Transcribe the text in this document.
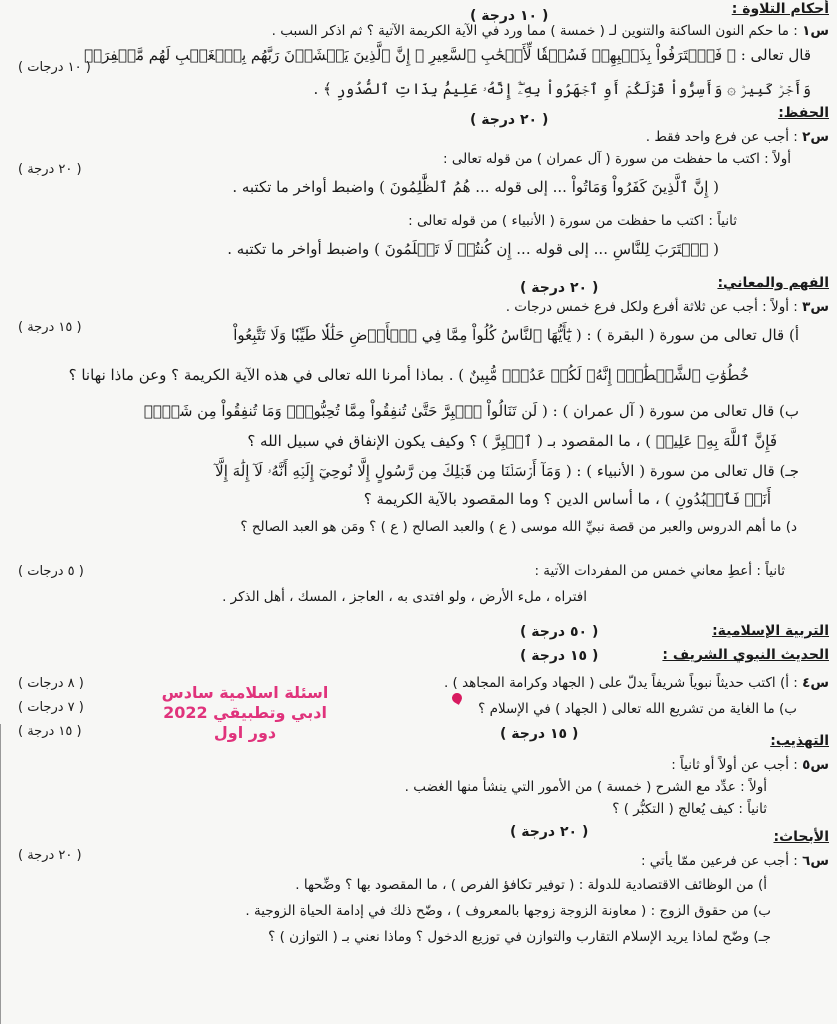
أحكام التلاوة :
( ١٠ درجة )
س١ : ما حكم النون الساكنة والتنوين لـ ( خمسة ) مما ورد في الآية الكريمة الآتية ؟ ثم اذكر السبب .
قال تعالى : ﴿ فَٱعۡتَرَفُواْ بِذَنۢبِهِمۡ فَسُحۡقٗا لِّأَصۡحَٰبِ ٱلسَّعِيرِ ۞ إِنَّ ٱلَّذِينَ يَخۡشَوۡنَ رَبَّهُم بِٱلۡغَيۡبِ لَهُم مَّغۡفِرَةٞ
( ١٠ درجات )
وَأَجۡرٞ كَبِيرٞ ۞ وَأَسِرُّواْ قَوۡلَكُمۡ أَوِ ٱجۡهَرُواْ بِهِۦٓۖ إِنَّهُۥ عَلِيمُۢ بِذَاتِ ٱلصُّدُورِ ﴾ .
الحفظ:
( ٢٠ درجة )
س٢ : أجب عن فرع واحد فقط .
أولاً : اكتب ما حفظت من سورة ( آل عمران ) من قوله تعالى :
( ٢٠ درجة )
( إِنَّ ٱلَّذِينَ كَفَرُواْ وَمَاتُواْ ... إلى قوله ... هُمُ ٱلظَّٰلِمُونَ ) واضبط أواخر ما تكتبه .
ثانياً : اكتب ما حفظت من سورة ( الأنبياء ) من قوله تعالى :
( ٱقۡتَرَبَ لِلنَّاسِ ... إلى قوله ... إِن كُنتُمۡ لَا تَعۡلَمُونَ ) واضبط أواخر ما تكتبه .
الفهم والمعاني:
( ٢٠ درجة )
س٣ : أولاً : أجب عن ثلاثة أفرع ولكل فرع خمس درجات .
( ١٥ درجة )	أ) قال تعالى من سورة ( البقرة ) : ( يَٰٓأَيُّهَا ٱلنَّاسُ كُلُواْ مِمَّا فِي ٱلۡأَرۡضِ حَلَٰلٗا طَيِّبٗا وَلَا تَتَّبِعُواْ
خُطُوَٰتِ ٱلشَّيۡطَٰنِۚ إِنَّهُۥ لَكُمۡ عَدُوّٞ مُّبِينٌ ) . بماذا أمرنا الله تعالى في هذه الآية الكريمة ؟ وعن ماذا نهانا ؟
ب) قال تعالى من سورة ( آل عمران ) : ( لَن تَنَالُواْ ٱلۡبِرَّ حَتَّىٰ تُنفِقُواْ مِمَّا تُحِبُّونَۚ وَمَا تُنفِقُواْ مِن شَيۡءٖ
فَإِنَّ ٱللَّهَ بِهِۦ عَلِيمٞ ) ، ما المقصود بـ ( ٱلۡبِرَّ ) ؟ وكيف يكون الإنفاق في سبيل الله ؟
جـ) قال تعالى من سورة ( الأنبياء ) : ( وَمَآ أَرۡسَلۡنَا مِن قَبۡلِكَ مِن رَّسُولٍ إِلَّا نُوحِيٓ إِلَيۡهِ أَنَّهُۥ لَآ إِلَٰهَ إِلَّآ
أَنَا۠ فَٱعۡبُدُونِ ) ، ما أساس الدين ؟ وما المقصود بالآية الكريمة ؟
د) ما أهم الدروس والعبر من قصة نبيِّ الله موسى ( ع ) والعبد الصالح ( ع ) ؟ ومَن هو العبد الصالح ؟
ثانياً : أعطِ معاني خمس من المفردات الآتية :
( ٥ درجات )
افتراه ، ملء الأرض ، ولو افتدى به ، العاجز ، المسك ، أهل الذكر .
التربية الإسلامية:
( ٥٠ درجة )
الحديث النبوي الشريف :
( ١٥ درجة )
س٤ : أ) اكتب حديثاً نبوياً شريفاً يدلّ على ( الجهاد وكرامة المجاهد ) .
( ٨ درجات )
ب) ما الغاية من تشريع الله تعالى ( الجهاد ) في الإسلام ؟
( ٧ درجات )
اسئلة اسلامية سادس
ادبي وتطبيقي 2022
دور اول	التهذيب:
( ١٥ درجة )
س٥ : أجب عن أولاً أو ثانياً :
( ١٥ درجة )
أولاً : عدِّد مع الشرح ( خمسة ) من الأمور التي ينشأ منها الغضب .
ثانياً : كيف يُعالج ( التكبُّر ) ؟
الأبحاث:
( ٢٠ درجة )
( ٢٠ درجة )	س٦ : أجب عن فرعين ممّا يأتي :
أ) من الوظائف الاقتصادية للدولة : ( توفير تكافؤ الفرص ) ، ما المقصود بها ؟ وضِّحها .
ب) من حقوق الزوج : ( معاونة الزوجة زوجها بالمعروف ) ، وضّح ذلك في إدامة الحياة الزوجية .
جـ) وضّح لماذا يريد الإسلام التقارب والتوازن في توزيع الدخول ؟ وماذا نعني بـ ( التوازن ) ؟
